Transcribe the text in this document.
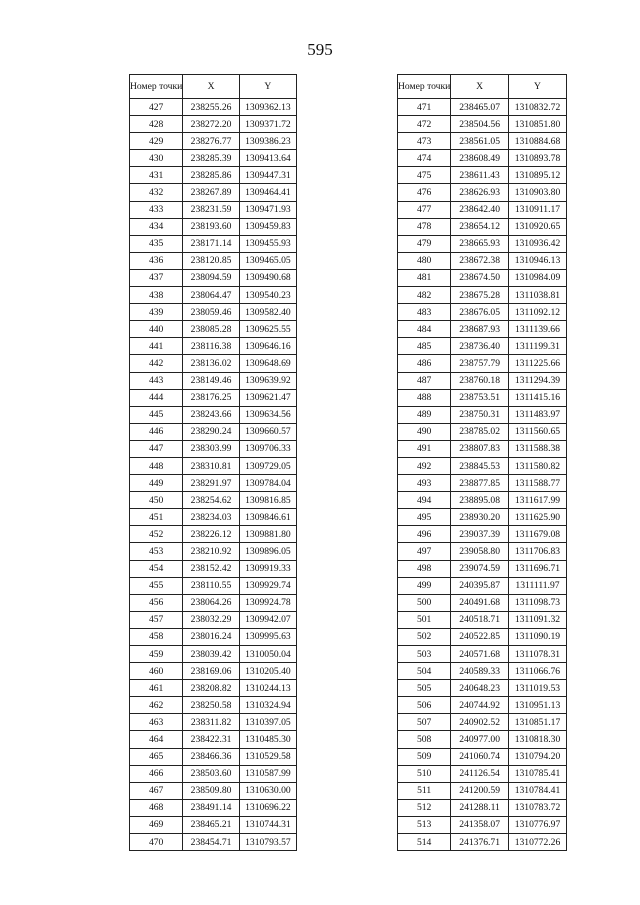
595
Номер точки	X	Y
427	238255.26	1309362.13
428	238272.20	1309371.72
429	238276.77	1309386.23
430	238285.39	1309413.64
431	238285.86	1309447.31
432	238267.89	1309464.41
433	238231.59	1309471.93
434	238193.60	1309459.83
435	238171.14	1309455.93
436	238120.85	1309465.05
437	238094.59	1309490.68
438	238064.47	1309540.23
439	238059.46	1309582.40
440	238085.28	1309625.55
441	238116.38	1309646.16
442	238136.02	1309648.69
443	238149.46	1309639.92
444	238176.25	1309621.47
445	238243.66	1309634.56
446	238290.24	1309660.57
447	238303.99	1309706.33
448	238310.81	1309729.05
449	238291.97	1309784.04
450	238254.62	1309816.85
451	238234.03	1309846.61
452	238226.12	1309881.80
453	238210.92	1309896.05
454	238152.42	1309919.33
455	238110.55	1309929.74
456	238064.26	1309924.78
457	238032.29	1309942.07
458	238016.24	1309995.63
459	238039.42	1310050.04
460	238169.06	1310205.40
461	238208.82	1310244.13
462	238250.58	1310324.94
463	238311.82	1310397.05
464	238422.31	1310485.30
465	238466.36	1310529.58
466	238503.60	1310587.99
467	238509.80	1310630.00
468	238491.14	1310696.22
469	238465.21	1310744.31
470	238454.71	1310793.57
Номер точки	X	Y
471	238465.07	1310832.72
472	238504.56	1310851.80
473	238561.05	1310884.68
474	238608.49	1310893.78
475	238611.43	1310895.12
476	238626.93	1310903.80
477	238642.40	1310911.17
478	238654.12	1310920.65
479	238665.93	1310936.42
480	238672.38	1310946.13
481	238674.50	1310984.09
482	238675.28	1311038.81
483	238676.05	1311092.12
484	238687.93	1311139.66
485	238736.40	1311199.31
486	238757.79	1311225.66
487	238760.18	1311294.39
488	238753.51	1311415.16
489	238750.31	1311483.97
490	238785.02	1311560.65
491	238807.83	1311588.38
492	238845.53	1311580.82
493	238877.85	1311588.77
494	238895.08	1311617.99
495	238930.20	1311625.90
496	239037.39	1311679.08
497	239058.80	1311706.83
498	239074.59	1311696.71
499	240395.87	1311111.97
500	240491.68	1311098.73
501	240518.71	1311091.32
502	240522.85	1311090.19
503	240571.68	1311078.31
504	240589.33	1311066.76
505	240648.23	1311019.53
506	240744.92	1310951.13
507	240902.52	1310851.17
508	240977.00	1310818.30
509	241060.74	1310794.20
510	241126.54	1310785.41
511	241200.59	1310784.41
512	241288.11	1310783.72
513	241358.07	1310776.97
514	241376.71	1310772.26
